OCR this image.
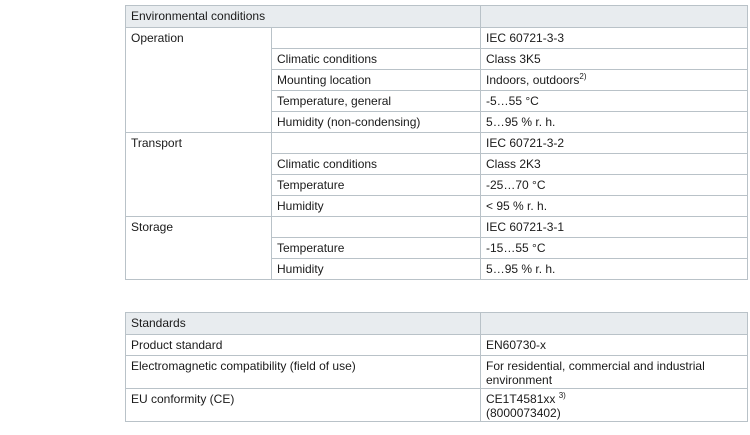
Environmental conditions		
Operation		IEC 60721-3-3
	Climatic conditions	Class 3K5
	Mounting location	Indoors, outdoors$^{2)}$
	Temperature, general	-5…55 °C
	Humidity (non-condensing)	5…95 % r. h.
Transport		IEC 60721-3-2
	Climatic conditions	Class 2K3
	Temperature	-25…70 °C
	Humidity	< 95 % r. h.
Storage		IEC 60721-3-1
	Temperature	-15…55 °C
	Humidity	5…95 % r. h.
Standards	
Product standard	EN60730-x
Electromagnetic compatibility (field of use)	For residential, commercial and industrial environment
EU conformity (CE)	CE1T4581xx $^{3)}$
(8000073402)
